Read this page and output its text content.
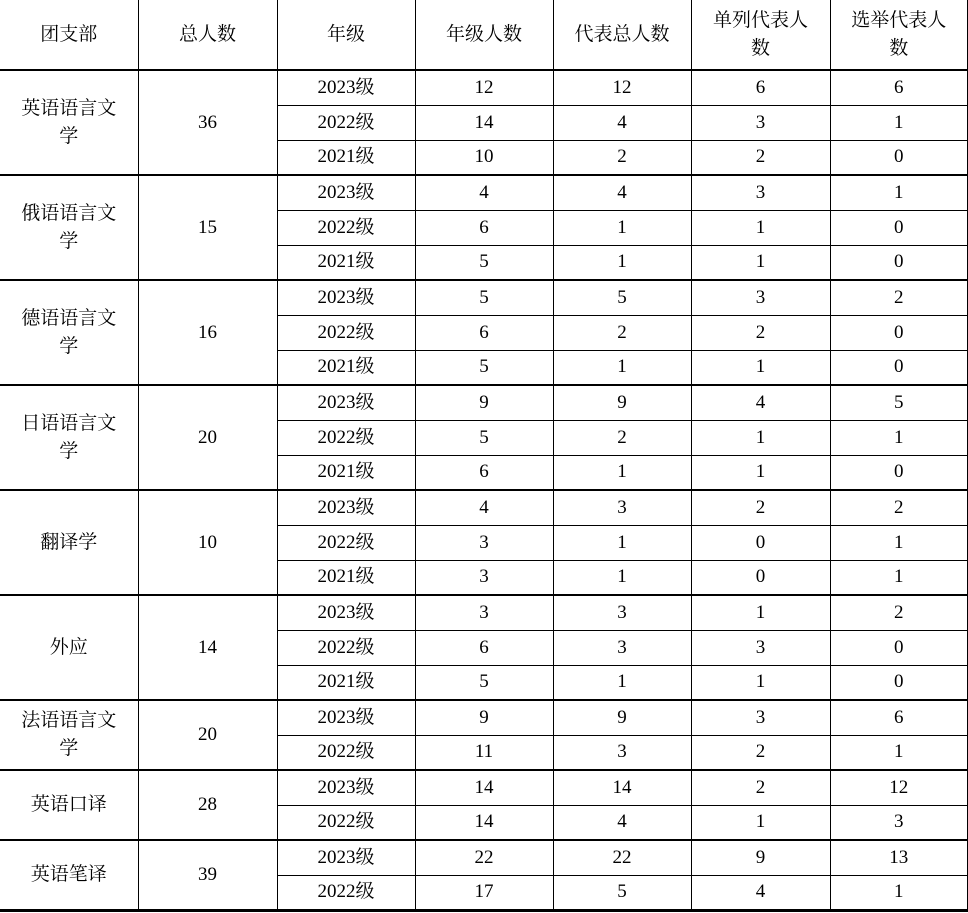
团支部	总人数	年级	年级人数	代表总人数	单列代表人数	选举代表人数
英语语言文学	36	2023级	12	12	6	6
		2022级	14	4	3	1
		2021级	10	2	2	0
俄语语言文学	15	2023级	4	4	3	1
		2022级	6	1	1	0
		2021级	5	1	1	0
德语语言文学	16	2023级	5	5	3	2
		2022级	6	2	2	0
		2021级	5	1	1	0
日语语言文学	20	2023级	9	9	4	5
		2022级	5	2	1	1
		2021级	6	1	1	0
翻译学	10	2023级	4	3	2	2
		2022级	3	1	0	1
		2021级	3	1	0	1
外应	14	2023级	3	3	1	2
		2022级	6	3	3	0
		2021级	5	1	1	0
法语语言文学	20	2023级	9	9	3	6
		2022级	11	3	2	1
英语口译	28	2023级	14	14	2	12
		2022级	14	4	1	3
英语笔译	39	2023级	22	22	9	13
		2022级	17	5	4	1
